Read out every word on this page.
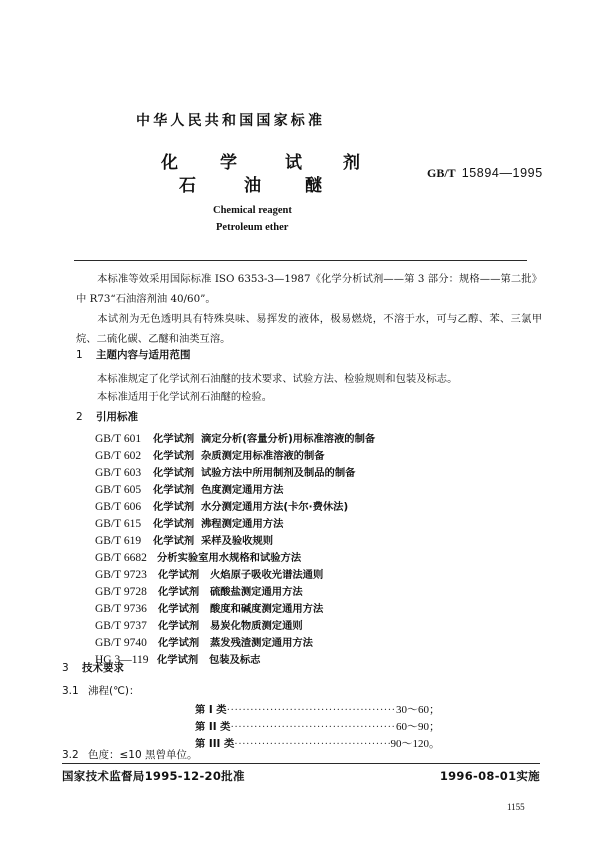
中华人民共和国国家标准
化 学	试 剂
石	油	醚
GB/T 15894—1995
Chemical reagent
Petroleum ether
本标准等效采用国际标准 ISO 6353-3—1987《化学分析试剂——第 3 部分：规格——第二批》中 R73“石油溶剂油 40/60”。
本试剂为无色透明具有特殊臭味、易挥发的液体，极易燃烧，不溶于水，可与乙醇、苯、三氯甲烷、二硫化碳、乙醚和油类互溶。
1 主题内容与适用范围
本标准规定了化学试剂石油醚的技术要求、试验方法、检验规则和包装及标志。
本标准适用于化学试剂石油醚的检验。
2 引用标准
GB/T 601 化学试剂 滴定分析(容量分析)用标准溶液的制备
GB/T 602 化学试剂 杂质测定用标准溶液的制备
GB/T 603 化学试剂 试验方法中所用制剂及制品的制备
GB/T 605 化学试剂 色度测定通用方法
GB/T 606 化学试剂 水分测定通用方法(卡尔·费休法)
GB/T 615 化学试剂 沸程测定通用方法
GB/T 619 化学试剂 采样及验收规则
GB/T 6682 分析实验室用水规格和试验方法
GB/T 9723 化学试剂 火焰原子吸收光谱法通则
GB/T 9728 化学试剂 硫酸盐测定通用方法
GB/T 9736 化学试剂 酸度和碱度测定通用方法
GB/T 9737 化学试剂 易炭化物质测定通则
GB/T 9740 化学试剂 蒸发残渣测定通用方法
HG 3—119 化学试剂 包装及标志
3 技术要求
3.1 沸程(℃)：
第 I 类 ·····	30～60；
第 II 类 ·····	60～90；
第 III 类 ·····	90～120。
3.2 色度：≤10 黑曾单位。
国家技术监督局1995-12-20批准	1996-08-01实施
1155
